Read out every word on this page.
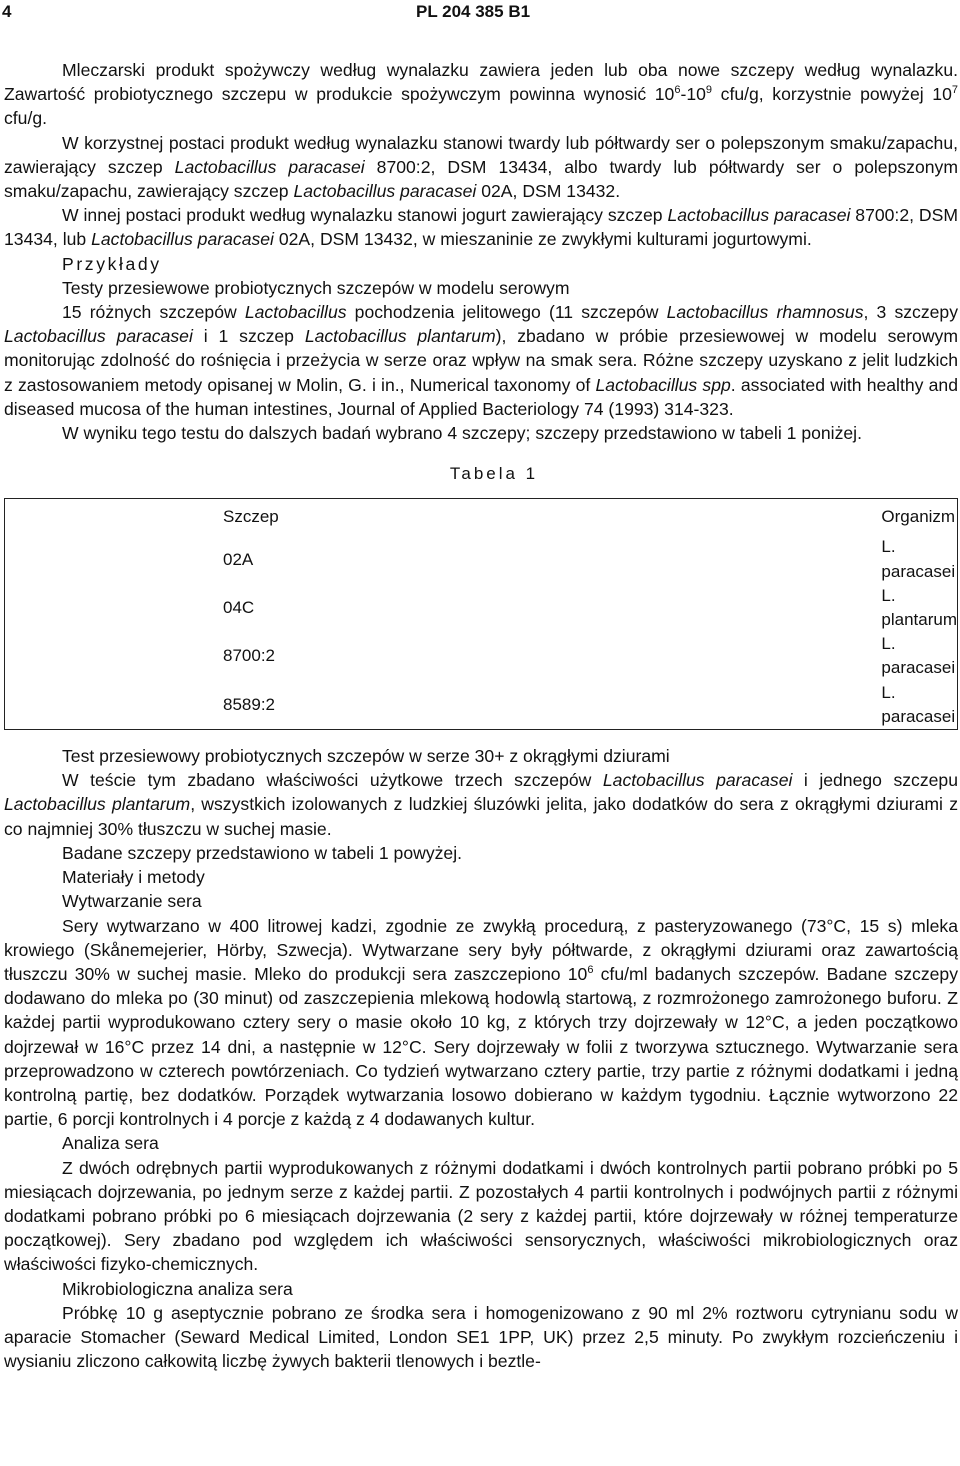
4	PL 204 385 B1

Mleczarski produkt spożywczy według wynalazku zawiera jeden lub oba nowe szczepy według wynalazku. Zawartość probiotycznego szczepu w produkcie spożywczym powinna wynosić $10^6-10^9$ cfu/g, korzystnie powyżej $10^7$ cfu/g.

W korzystnej postaci produkt według wynalazku stanowi twardy lub półtwardy ser o polepszonym smaku/zapachu, zawierający szczep Lactobacillus paracasei 8700:2, DSM 13434, albo twardy lub półtwardy ser o polepszonym smaku/zapachu, zawierający szczep Lactobacillus paracasei 02A, DSM 13432.

W innej postaci produkt według wynalazku stanowi jogurt zawierający szczep Lactobacillus paracasei 8700:2, DSM 13434, lub Lactobacillus paracasei 02A, DSM 13432, w mieszaninie ze zwykłymi kulturami jogurtowymi.

Przykłady

Testy przesiewowe probiotycznych szczepów w modelu serowym

15 różnych szczepów Lactobacillus pochodzenia jelitowego (11 szczepów Lactobacillus rhamnosus, 3 szczepy Lactobacillus paracasei i 1 szczep Lactobacillus plantarum), zbadano w próbie przesiewowej w modelu serowym monitorując zdolność do rośnięcia i przeżycia w serze oraz wpływ na smak sera. Różne szczepy uzyskano z jelit ludzkich z zastosowaniem metody opisanej w Molin, G. i in., Numerical taxonomy of Lactobacillus spp. associated with healthy and diseased mucosa of the human intestines, Journal of Applied Bacteriology 74 (1993) 314-323.

W wyniku tego testu do dalszych badań wybrano 4 szczepy; szczepy przedstawiono w tabeli 1 poniżej.

Tabela 1
Szczep	Organizm
02A	L. paracasei
04C	L. plantarum
8700:2	L. paracasei
8589:2	L. paracasei

Test przesiewowy probiotycznych szczepów w serze 30+ z okrągłymi dziurami

W teście tym zbadano właściwości użytkowe trzech szczepów Lactobacillus paracasei i jednego szczepu Lactobacillus plantarum, wszystkich izolowanych z ludzkiej śluzówki jelita, jako dodatków do sera z okrągłymi dziurami z co najmniej 30% tłuszczu w suchej masie.

Badane szczepy przedstawiono w tabeli 1 powyżej.

Materiały i metody

Wytwarzanie sera

Sery wytwarzano w 400 litrowej kadzi, zgodnie ze zwykłą procedurą, z pasteryzowanego (73°C, 15 s) mleka krowiego (Skånemejerier, Hörby, Szwecja). Wytwarzane sery były półtwarde, z okrągłymi dziurami oraz zawartością tłuszczu 30% w suchej masie. Mleko do produkcji sera zaszczepiono $10^6$ cfu/ml badanych szczepów. Badane szczepy dodawano do mleka po (30 minut) od zaszczepienia mlekową hodowlą startową, z rozmrożonego zamrożonego buforu. Z każdej partii wyprodukowano cztery sery o masie około 10 kg, z których trzy dojrzewały w 12°C, a jeden początkowo dojrzewał w 16°C przez 14 dni, a następnie w 12°C. Sery dojrzewały w folii z tworzywa sztucznego. Wytwarzanie sera przeprowadzono w czterech powtórzeniach. Co tydzień wytwarzano cztery partie, trzy partie z różnymi dodatkami i jedną kontrolną partię, bez dodatków. Porządek wytwarzania losowo dobierano w każdym tygodniu. Łącznie wytworzono 22 partie, 6 porcji kontrolnych i 4 porcje z każdą z 4 dodawanych kultur.

Analiza sera

Z dwóch odrębnych partii wyprodukowanych z różnymi dodatkami i dwóch kontrolnych partii pobrano próbki po 5 miesiącach dojrzewania, po jednym serze z każdej partii. Z pozostałych 4 partii kontrolnych i podwójnych partii z różnymi dodatkami pobrano próbki po 6 miesiącach dojrzewania (2 sery z każdej partii, które dojrzewały w różnej temperaturze początkowej). Sery zbadano pod względem ich właściwości sensorycznych, właściwości mikrobiologicznych oraz właściwości fizyko-chemicznych.

Mikrobiologiczna analiza sera

Próbkę 10 g aseptycznie pobrano ze środka sera i homogenizowano z 90 ml 2% roztworu cytrynianu sodu w aparacie Stomacher (Seward Medical Limited, London SE1 1PP, UK) przez 2,5 minuty. Po zwykłym rozcieńczeniu i wysianiu zliczono całkowitą liczbę żywych bakterii tlenowych i beztle-
